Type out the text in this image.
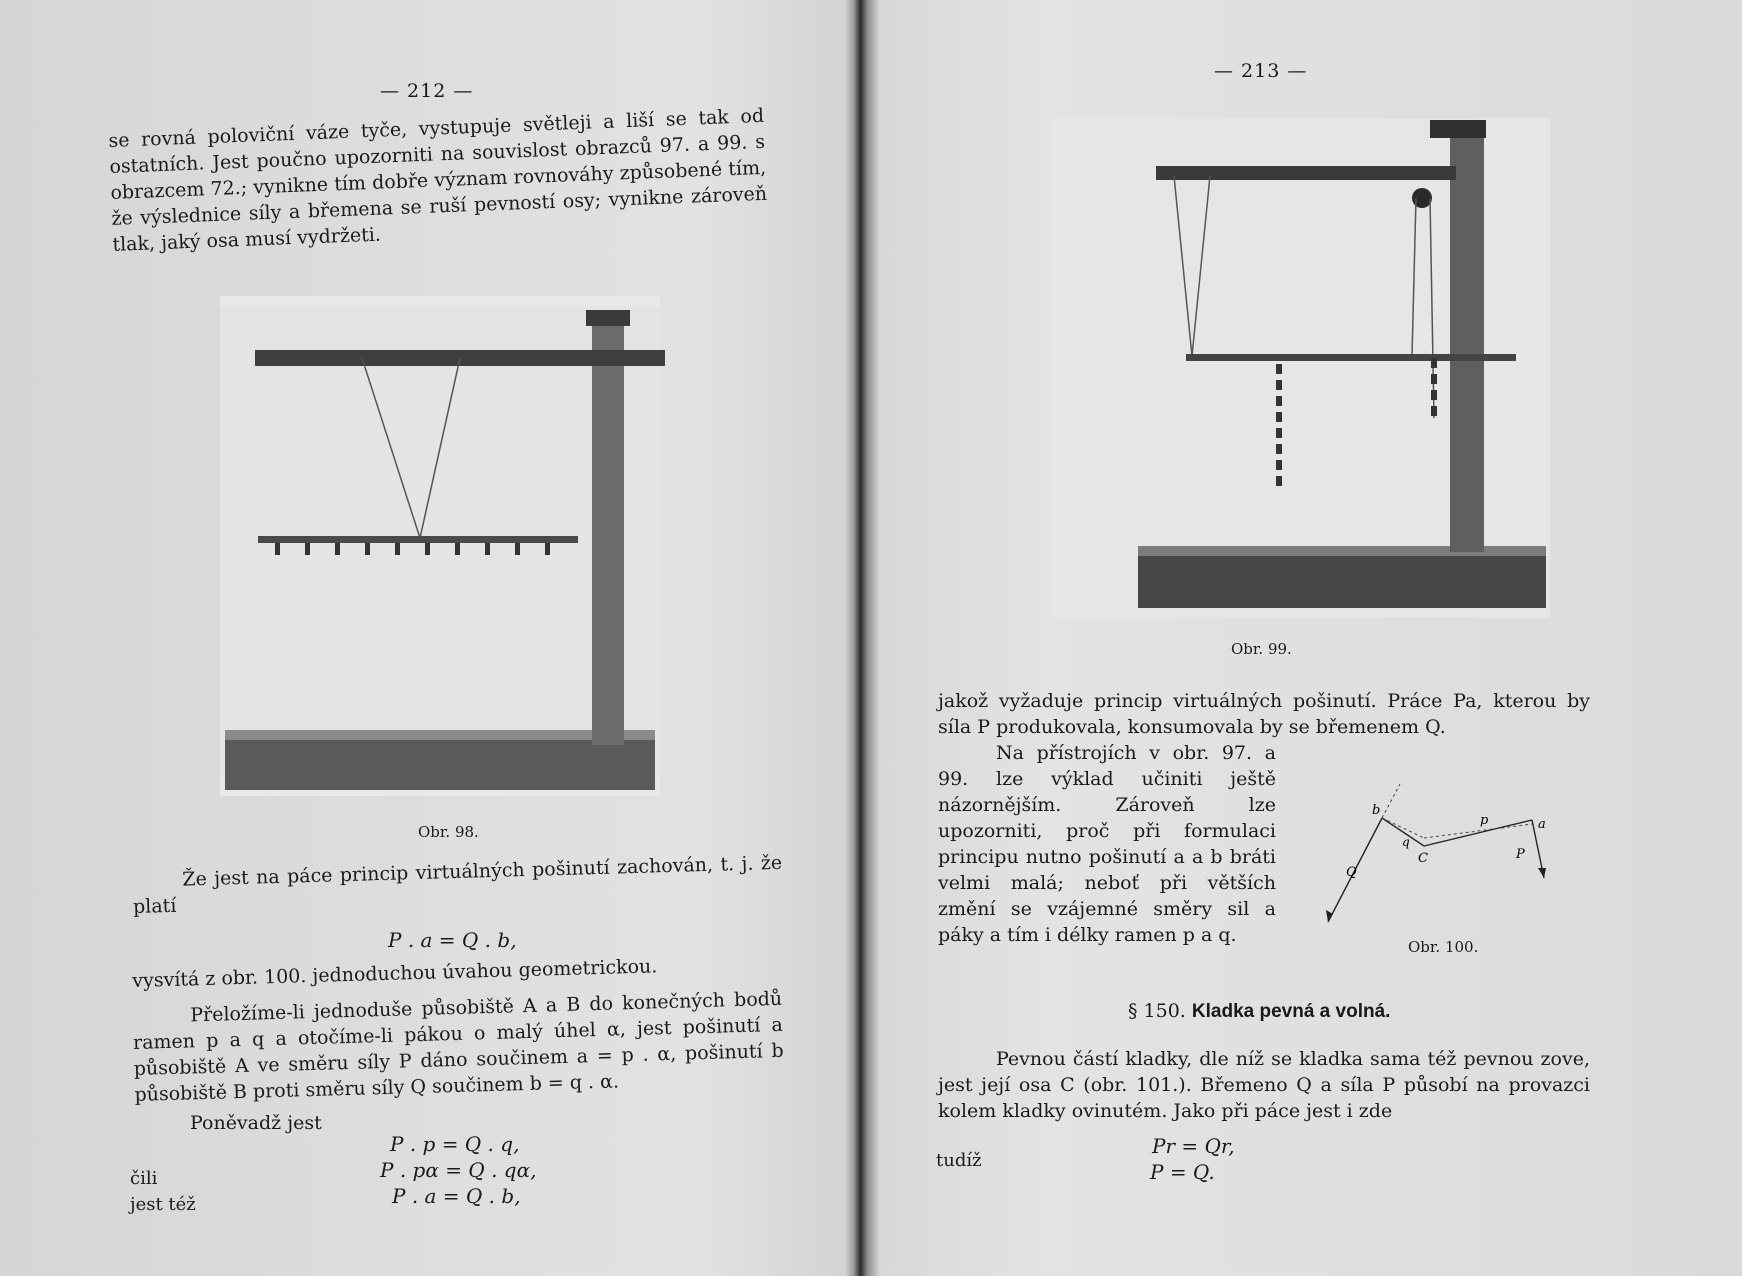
— 212 —
se rovná poloviční váze tyče, vystupuje světleji a liší se tak od ostatních. Jest poučno upozorniti na souvislost obrazců 97. a 99. s obrazcem 72.; vynikne tím dobře význam rovnováhy způsobené tím, že výslednice síly a břemena se ruší pevností osy; vynikne zároveň tlak, jaký osa musí vydržeti.
Obr. 98.
Že jest na páce princip virtuálných pošinutí zachován, t. j. že platí
P . a = Q . b,
vysvítá z obr. 100. jednoduchou úvahou geometrickou.
Přeložíme-li jednoduše působiště A a B do konečných bodů ramen p a q a otočíme-li pákou o malý úhel α, jest pošinutí a působiště A ve směru síly P dáno součinem a = p . α, pošinutí b působiště B proti směru síly Q součinem b = q . α.
Poněvadž jest
P . p = Q . q,
čili	P . pα = Q . qα,
jest též	P . a = Q . b,
— 213 —
Obr. 99.
jakož vyžaduje princip virtuálných pošinutí. Práce Pa, kterou by síla P produkovala, konsumovala by se břemenem Q.
Na přístrojích v obr. 97. a 99. lze výklad učiniti ještě názornějším. Zároveň lze upozorniti, proč při formulaci principu nutno pošinutí a a b bráti velmi malá; neboť při větších změní se vzájemné směry sil a páky a tím i délky ramen p a q.
b
q
C
p	a
P
Q
Obr. 100.
§ 150. Kladka pevná a volná.
Pevnou částí kladky, dle níž se kladka sama též pevnou zove, jest její osa C (obr. 101.). Břemeno Q a síla P působí na provazci kolem kladky ovinutém. Jako při páce jest i zde
Pr = Qr,
tudíž	P = Q.
